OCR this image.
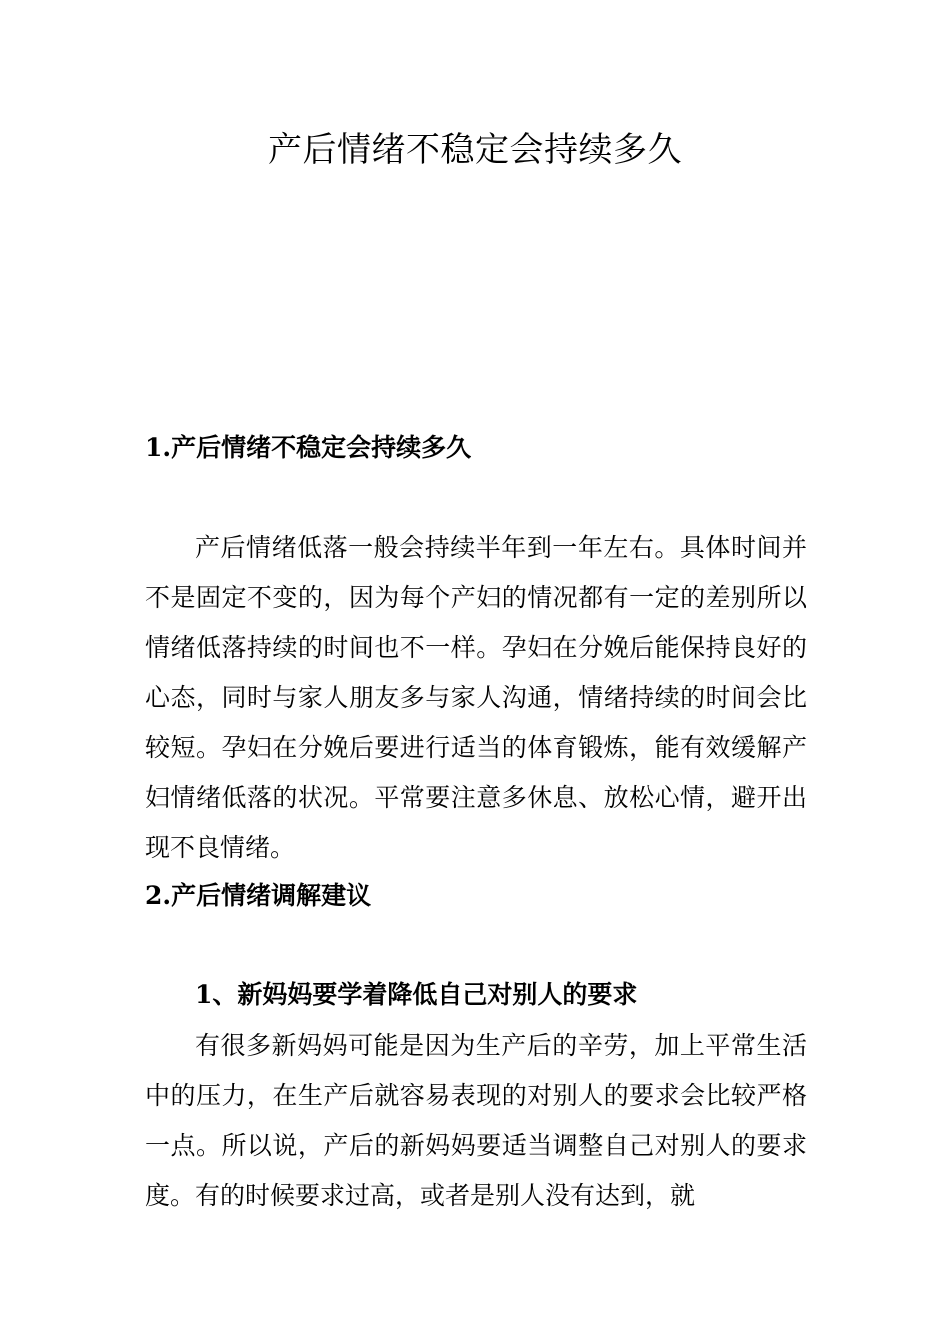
产后情绪不稳定会持续多久
1.产后情绪不稳定会持续多久

产后情绪低落一般会持续半年到一年左右。具体时间并不是固定不变的，因为每个产妇的情况都有一定的差别所以情绪低落持续的时间也不一样。孕妇在分娩后能保持良好的心态，同时与家人朋友多与家人沟通，情绪持续的时间会比较短。孕妇在分娩后要进行适当的体育锻炼，能有效缓解产妇情绪低落的状况。平常要注意多休息、放松心情，避开出现不良情绪。

2.产后情绪调解建议
1、新妈妈要学着降低自己对别人的要求

有很多新妈妈可能是因为生产后的辛劳，加上平常生活中的压力，在生产后就容易表现的对别人的要求会比较严格一点。所以说，产后的新妈妈要适当调整自己对别人的要求度。有的时候要求过高，或者是别人没有达到，就
